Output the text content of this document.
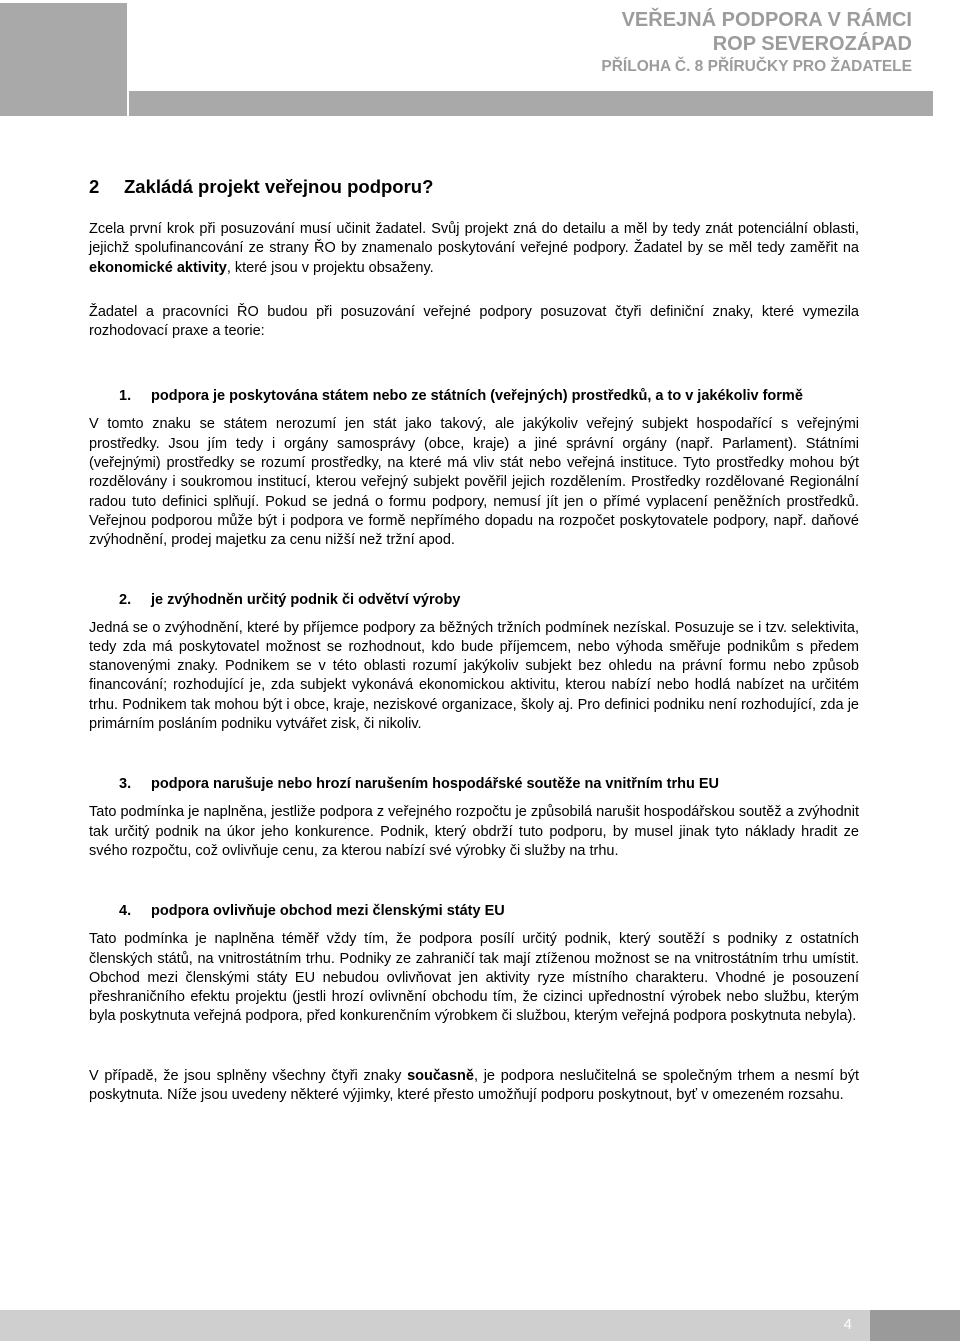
VEŘEJNÁ PODPORA V RÁMCI
ROP SEVEROZÁPAD
PŘÍLOHA Č. 8 PŘÍRUČKY PRO ŽADATELE
2 Zakládá projekt veřejnou podporu?

Zcela první krok při posuzování musí učinit žadatel. Svůj projekt zná do detailu a měl by tedy znát potenciální oblasti, jejichž spolufinancování ze strany ŘO by znamenalo poskytování veřejné podpory. Žadatel by se měl tedy zaměřit na ekonomické aktivity, které jsou v projektu obsaženy.

Žadatel a pracovníci ŘO budou při posuzování veřejné podpory posuzovat čtyři definiční znaky, které vymezila rozhodovací praxe a teorie:

1.	podpora je poskytována státem nebo ze státních (veřejných) prostředků, a to v jakékoliv formě

V tomto znaku se státem nerozumí jen stát jako takový, ale jakýkoliv veřejný subjekt hospodařící s veřejnými prostředky. Jsou jím tedy i orgány samosprávy (obce, kraje) a jiné správní orgány (např. Parlament). Státními (veřejnými) prostředky se rozumí prostředky, na které má vliv stát nebo veřejná instituce. Tyto prostředky mohou být rozdělovány i soukromou institucí, kterou veřejný subjekt pověřil jejich rozdělením. Prostředky rozdělované Regionální radou tuto definici splňují. Pokud se jedná o formu podpory, nemusí jít jen o přímé vyplacení peněžních prostředků. Veřejnou podporou může být i podpora ve formě nepřímého dopadu na rozpočet poskytovatele podpory, např. daňové zvýhodnění, prodej majetku za cenu nižší než tržní apod.

2.	je zvýhodněn určitý podnik či odvětví výroby

Jedná se o zvýhodnění, které by příjemce podpory za běžných tržních podmínek nezískal. Posuzuje se i tzv. selektivita, tedy zda má poskytovatel možnost se rozhodnout, kdo bude příjemcem, nebo výhoda směřuje podnikům s předem stanovenými znaky. Podnikem se v této oblasti rozumí jakýkoliv subjekt bez ohledu na právní formu nebo způsob financování; rozhodující je, zda subjekt vykonává ekonomickou aktivitu, kterou nabízí nebo hodlá nabízet na určitém trhu. Podnikem tak mohou být i obce, kraje, neziskové organizace, školy aj. Pro definici podniku není rozhodující, zda je primárním posláním podniku vytvářet zisk, či nikoliv.

3.	podpora narušuje nebo hrozí narušením hospodářské soutěže na vnitřním trhu EU

Tato podmínka je naplněna, jestliže podpora z veřejného rozpočtu je způsobilá narušit hospodářskou soutěž a zvýhodnit tak určitý podnik na úkor jeho konkurence. Podnik, který obdrží tuto podporu, by musel jinak tyto náklady hradit ze svého rozpočtu, což ovlivňuje cenu, za kterou nabízí své výrobky či služby na trhu.

4.	podpora ovlivňuje obchod mezi členskými státy EU

Tato podmínka je naplněna téměř vždy tím, že podpora posílí určitý podnik, který soutěží s podniky z ostatních členských států, na vnitrostátním trhu. Podniky ze zahraničí tak mají ztíženou možnost se na vnitrostátním trhu umístit. Obchod mezi členskými státy EU nebudou ovlivňovat jen aktivity ryze místního charakteru. Vhodné je posouzení přeshraničního efektu projektu (jestli hrozí ovlivnění obchodu tím, že cizinci upřednostní výrobek nebo službu, kterým byla poskytnuta veřejná podpora, před konkurenčním výrobkem či službou, kterým veřejná podpora poskytnuta nebyla).

V případě, že jsou splněny všechny čtyři znaky současně, je podpora neslučitelná se společným trhem a nesmí být poskytnuta. Níže jsou uvedeny některé výjimky, které přesto umožňují podporu poskytnout, byť v omezeném rozsahu.

4
